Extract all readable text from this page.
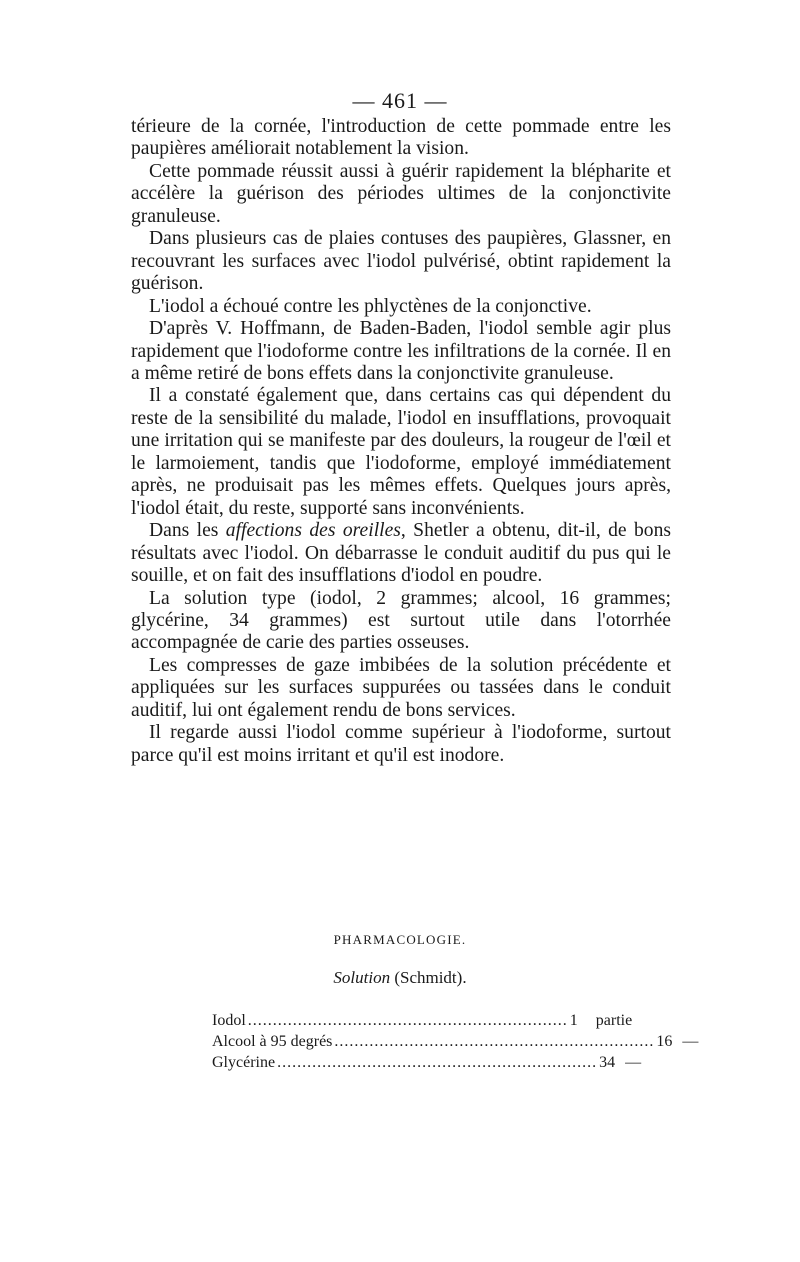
— 461 —

térieure de la cornée, l'introduction de cette pommade entre les paupières améliorait notablement la vision.

Cette pommade réussit aussi à guérir rapidement la blépharite et accélère la guérison des périodes ultimes de la conjonctivite granuleuse.

Dans plusieurs cas de plaies contuses des paupières, Glassner, en recouvrant les surfaces avec l'iodol pulvérisé, obtint rapidement la guérison.

L'iodol a échoué contre les phlyctènes de la conjonctive.

D'après V. Hoffmann, de Baden-Baden, l'iodol semble agir plus rapidement que l'iodoforme contre les infiltrations de la cornée. Il en a même retiré de bons effets dans la conjonctivite granuleuse.

Il a constaté également que, dans certains cas qui dépendent du reste de la sensibilité du malade, l'iodol en insufflations, provoquait une irritation qui se manifeste par des douleurs, la rougeur de l'œil et le larmoiement, tandis que l'iodoforme, employé immédiatement après, ne produisait pas les mêmes effets. Quelques jours après, l'iodol était, du reste, supporté sans inconvénients.

Dans les affections des oreilles, Shetler a obtenu, dit-il, de bons résultats avec l'iodol. On débarrasse le conduit auditif du pus qui le souille, et on fait des insufflations d'iodol en poudre.

La solution type (iodol, 2 grammes; alcool, 16 grammes; glycérine, 34 grammes) est surtout utile dans l'otorrhée accompagnée de carie des parties osseuses.

Les compresses de gaze imbibées de la solution précédente et appliquées sur les surfaces suppurées ou tassées dans le conduit auditif, lui ont également rendu de bons services.

Il regarde aussi l'iodol comme supérieur à l'iodoforme, surtout parce qu'il est moins irritant et qu'il est inodore.

PHARMACOLOGIE.
Solution (Schmidt).
Iodol ................................................................ 1	partie
Alcool à 95 degrés ................................................................ 16 —
Glycérine ................................................................ 34 —
